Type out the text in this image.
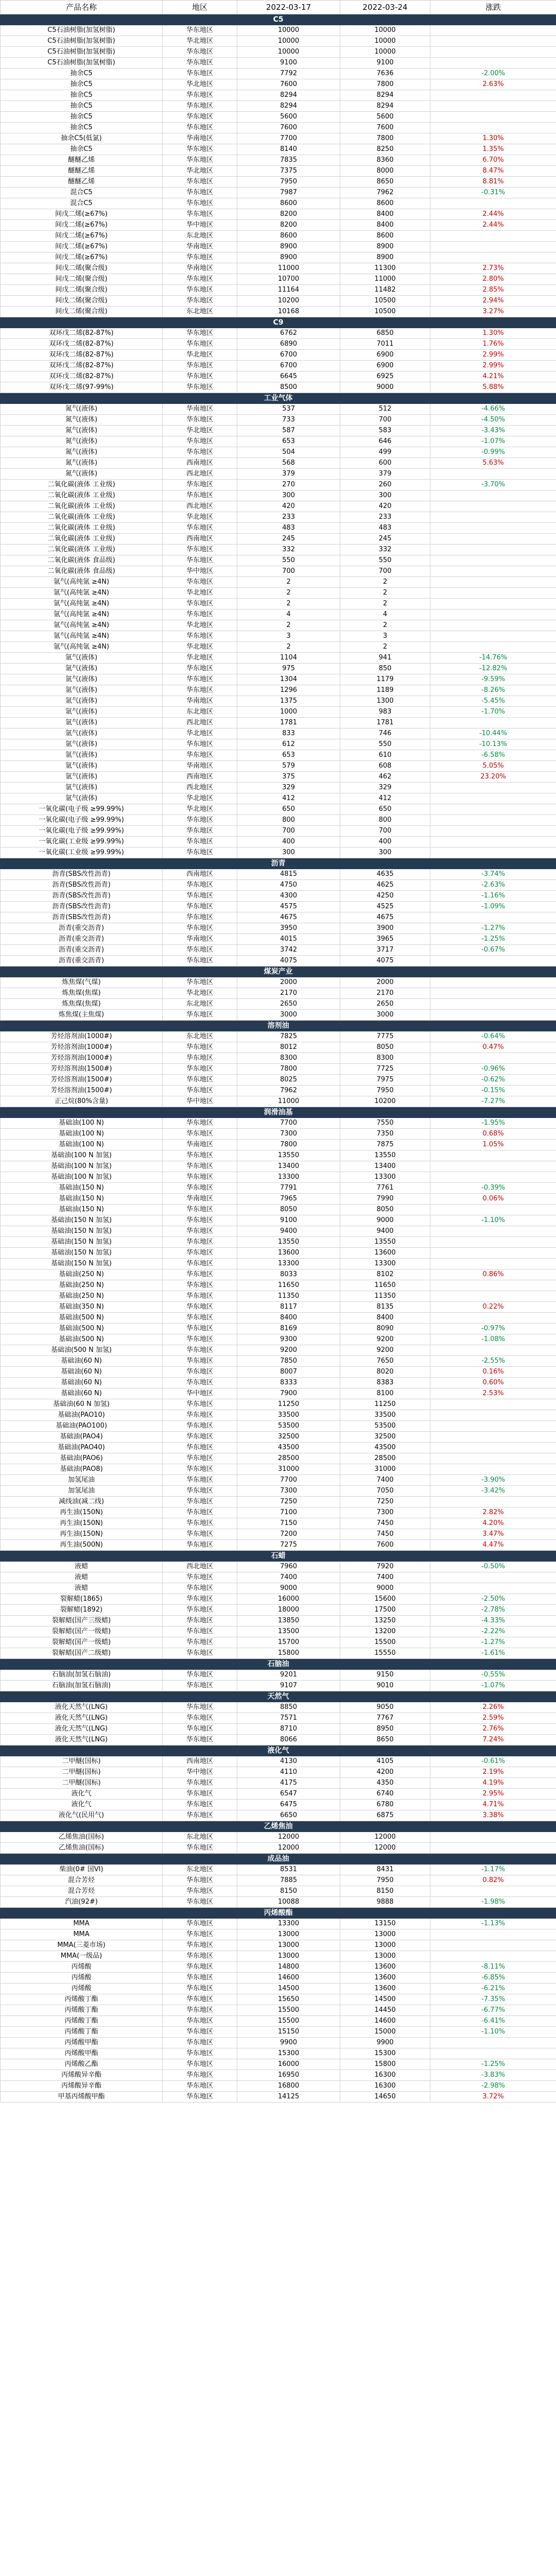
产品名称	地区	2022-03-17	2022-03-24	涨跌
C5				
C5石油树脂(加氢树脂)	华东地区	10000	10000	
C5石油树脂(加氢树脂)	华北地区	10000	10000	
C5石油树脂(加氢树脂)	华东地区	10000	10000	
C5石油树脂(加氢树脂)	华东地区	9100	9100	
抽余C5	华东地区	7792	7636	-2.00%
抽余C5	华北地区	7600	7800	2.63%
抽余C5	华东地区	8294	8294	
抽余C5	华东地区	8294	8294	
抽余C5	华东地区	5600	5600	
抽余C5	华东地区	7600	7600	
抽余C5(低氯)	华南地区	7700	7800	1.30%
抽余C5	华东地区	8140	8250	1.35%
醚醚乙烯	华东地区	7835	8360	6.70%
醚醚乙烯	华北地区	7375	8000	8.47%
醚醚乙烯	华东地区	7950	8650	8.81%
混合C5	华东地区	7987	7962	-0.31%
混合C5	华东地区	8600	8600	
间戊二烯(≥67%)	华东地区	8200	8400	2.44%
间戊二烯(≥67%)	华中地区	8200	8400	2.44%
间戊二烯(≥67%)	东北地区	8600	8600	
间戊二烯(≥67%)	华南地区	8900	8900	
间戊二烯(≥67%)	华东地区	8900	8900	
间戊二烯(聚合级)	华南地区	11000	11300	2.73%
间戊二烯(聚合级)	华东地区	10700	11000	2.80%
间戊二烯(聚合级)	华东地区	11164	11482	2.85%
间戊二烯(聚合级)	华东地区	10200	10500	2.94%
间戊二烯(聚合级)	东北地区	10168	10500	3.27%
C9				
双环戊二烯(82-87%)	华东地区	6762	6850	1.30%
双环戊二烯(82-87%)	华东地区	6890	7011	1.76%
双环戊二烯(82-87%)	华北地区	6700	6900	2.99%
双环戊二烯(82-87%)	华东地区	6700	6900	2.99%
双环戊二烯(82-87%)	华东地区	6645	6925	4.21%
双环戊二烯(97-99%)	华东地区	8500	9000	5.88%
工业气体				
氮气(液体)	华南地区	537	512	-4.66%
氮气(液体)	华东地区	733	700	-4.50%
氮气(液体)	华北地区	587	583	-3.43%
氮气(液体)	华东地区	653	646	-1.07%
氮气(液体)	华东地区	504	499	-0.99%
氮气(液体)	西南地区	568	600	5.63%
氮气(液体)	西北地区	379	379	
二氧化碳(液体 工业级)	华东地区	270	260	-3.70%
二氧化碳(液体 工业级)	华东地区	300	300	
二氧化碳(液体 工业级)	西北地区	420	420	
二氧化碳(液体 工业级)	华北地区	233	233	
二氧化碳(液体 工业级)	华东地区	483	483	
二氧化碳(液体 工业级)	西南地区	245	245	
二氧化碳(液体 工业级)	华东地区	332	332	
二氧化碳(液体 食品级)	华东地区	550	550	
二氧化碳(液体 食品级)	华中地区	700	700	
氩气(高纯氩 ≥4N)	华东地区	2	2	
氩气(高纯氩 ≥4N)	华北地区	2	2	
氩气(高纯氩 ≥4N)	华东地区	2	2	
氩气(高纯氩 ≥4N)	华东地区	4	4	
氩气(高纯氩 ≥4N)	华北地区	2	2	
氩气(高纯氩 ≥4N)	华东地区	3	3	
氩气(高纯氩 ≥4N)	华北地区	2	2	
氩气(液体)	华北地区	1104	941	-14.76%
氩气(液体)	华东地区	975	850	-12.82%
氩气(液体)	华东地区	1304	1179	-9.59%
氩气(液体)	华东地区	1296	1189	-8.26%
氩气(液体)	华南地区	1375	1300	-5.45%
氩气(液体)	东北地区	1000	983	-1.70%
氩气(液体)	西北地区	1781	1781	
氩气(液体)	华北地区	833	746	-10.44%
氩气(液体)	华东地区	612	550	-10.13%
氩气(液体)	华东地区	653	610	-6.58%
氩气(液体)	华南地区	579	608	5.05%
氩气(液体)	西南地区	375	462	23.20%
氩气(液体)	西北地区	329	329	
氩气(液体)	华北地区	412	412	
一氧化碳(电子级 ≥99.99%)	华北地区	650	650	
一氧化碳(电子级 ≥99.99%)	华东地区	800	800	
一氧化碳(电子级 ≥99.99%)	华东地区	700	700	
一氧化碳(工业级 ≥99.99%)	华东地区	400	400	
一氧化碳(工业级 ≥99.99%)	华东地区	300	300	
沥青				
沥青(SBS改性沥青)	西南地区	4815	4635	-3.74%
沥青(SBS改性沥青)	华东地区	4750	4625	-2.63%
沥青(SBS改性沥青)	华东地区	4300	4250	-1.16%
沥青(SBS改性沥青)	华东地区	4575	4525	-1.09%
沥青(SBS改性沥青)	华东地区	4675	4675	
沥青(重交沥青)	华东地区	3950	3900	-1.27%
沥青(重交沥青)	华南地区	4015	3965	-1.25%
沥青(重交沥青)	华东地区	3742	3717	-0.67%
沥青(重交沥青)	华东地区	4075	4075	
煤炭产业				
炼焦煤(气煤)	华东地区	2000	2000	
炼焦煤(焦煤)	华北地区	2170	2170	
炼焦煤(焦煤)	东北地区	2650	2650	
炼焦煤(主焦煤)	华东地区	3000	3000	
溶剂油				
芳烃溶剂油(1000#)	东北地区	7825	7775	-0.64%
芳烃溶剂油(1000#)	华东地区	8012	8050	0.47%
芳烃溶剂油(1000#)	华东地区	8300	8300	
芳烃溶剂油(1500#)	华东地区	7800	7725	-0.96%
芳烃溶剂油(1500#)	华东地区	8025	7975	-0.62%
芳烃溶剂油(1500#)	华东地区	7962	7950	-0.15%
正己烷(80%含量)	华中地区	11000	10200	-7.27%
润滑油基				
基础油(100 N)	华东地区	7700	7550	-1.95%
基础油(100 N)	华东地区	7300	7350	0.68%
基础油(100 N)	华南地区	7800	7875	1.05%
基础油(100 N 加氢)	华东地区	13550	13550	
基础油(100 N 加氢)	华东地区	13400	13400	
基础油(100 N 加氢)	华东地区	13300	13300	
基础油(150 N)	华东地区	7791	7761	-0.39%
基础油(150 N)	华南地区	7965	7990	0.06%
基础油(150 N)	华东地区	8050	8050	
基础油(150 N 加氢)	华东地区	9100	9000	-1.10%
基础油(150 N 加氢)	华东地区	9400	9400	
基础油(150 N 加氢)	华东地区	13550	13550	
基础油(150 N 加氢)	华东地区	13600	13600	
基础油(150 N 加氢)	华东地区	13300	13300	
基础油(250 N)	华东地区	8033	8102	0.86%
基础油(250 N)	华东地区	11650	11650	
基础油(250 N)	华东地区	11350	11350	
基础油(350 N)	华东地区	8117	8135	0.22%
基础油(500 N)	华东地区	8400	8400	
基础油(500 N)	华东地区	8169	8090	-0.97%
基础油(500 N)	华东地区	9300	9200	-1.08%
基础油(500 N 加氢)	华东地区	9200	9200	
基础油(60 N)	华东地区	7850	7650	-2.55%
基础油(60 N)	华东地区	8007	8020	0.16%
基础油(60 N)	华东地区	8333	8383	0.60%
基础油(60 N)	华中地区	7900	8100	2.53%
基础油(60 N 加氢)	华东地区	11250	11250	
基础油(PAO10)	华东地区	33500	33500	
基础油(PAO100)	华东地区	53500	53500	
基础油(PAO4)	华东地区	32500	32500	
基础油(PAO40)	华东地区	43500	43500	
基础油(PAO6)	华东地区	28500	28500	
基础油(PAO8)	华东地区	31000	31000	
加氢尾油	华东地区	7700	7400	-3.90%
加氢尾油	华东地区	7300	7050	-3.42%
减线油(减二线)	华东地区	7250	7250	
再生油(150N)	华东地区	7100	7300	2.82%
再生油(150N)	华东地区	7150	7450	4.20%
再生油(150N)	华东地区	7200	7450	3.47%
再生油(500N)	华东地区	7275	7600	4.47%
石蜡				
液蜡	西北地区	7960	7920	-0.50%
液蜡	华东地区	7400	7400	
液蜡	华东地区	9000	9000	
裂解蜡(1865)	华东地区	16000	15600	-2.50%
裂解蜡(1892)	华东地区	18000	17500	-2.78%
裂解蜡(国产三级蜡)	华东地区	13850	13250	-4.33%
裂解蜡(国产一级蜡)	华东地区	13500	13200	-2.22%
裂解蜡(国产一级蜡)	华东地区	15700	15500	-1.27%
裂解蜡(国产二级蜡)	华东地区	15800	15550	-1.61%
石脑油				
石脑油(加氢石脑油)	华东地区	9201	9150	-0.55%
石脑油(加氢石脑油)	华东地区	9107	9010	-1.07%
天然气				
液化天然气(LNG)	华东地区	8850	9050	2.26%
液化天然气(LNG)	华东地区	7571	7767	2.59%
液化天然气(LNG)	华东地区	8710	8950	2.76%
液化天然气(LNG)	华东地区	8066	8650	7.24%
液化气				
二甲醚(国标)	西南地区	4130	4105	-0.61%
二甲醚(国标)	华中地区	4110	4200	2.19%
二甲醚(国标)	华东地区	4175	4350	4.19%
液化气	华东地区	6547	6740	2.95%
液化气	华东地区	6475	6780	4.71%
液化气(民用气)	华东地区	6650	6875	3.38%
乙烯焦油				
乙烯焦油(国标)	东北地区	12000	12000	
乙烯焦油(国标)	华东地区	12000	12000	
成品油				
柴油(0# 国VI)	东北地区	8531	8431	-1.17%
混合芳烃	华东地区	7885	7950	0.82%
混合芳烃	华东地区	8150	8150	
汽油(92#)	华东地区	10088	9888	-1.98%
丙烯酸酯				
MMA	华东地区	13300	13150	-1.13%
MMA	华东地区	13000	13000	
MMA(三菱市场)	华东地区	13000	13000	
MMA(一级品)	华东地区	13000	13000	
丙烯酸	华东地区	14800	13600	-8.11%
丙烯酸	华东地区	14600	13600	-6.85%
丙烯酸	华东地区	14500	13600	-6.21%
丙烯酸丁酯	华东地区	15650	14500	-7.35%
丙烯酸丁酯	华东地区	15500	14450	-6.77%
丙烯酸丁酯	华东地区	15500	14600	-6.41%
丙烯酸丁酯	华东地区	15150	15000	-1.10%
丙烯酸甲酯	华东地区	9900	9900	
丙烯酸甲酯	华东地区	15300	15300	
丙烯酸乙酯	华东地区	16000	15800	-1.25%
丙烯酸异辛酯	华东地区	16950	16300	-3.83%
丙烯酸异辛酯	华东地区	16800	16300	-2.98%
甲基丙烯酸甲酯	华东地区	14125	14650	3.72%
